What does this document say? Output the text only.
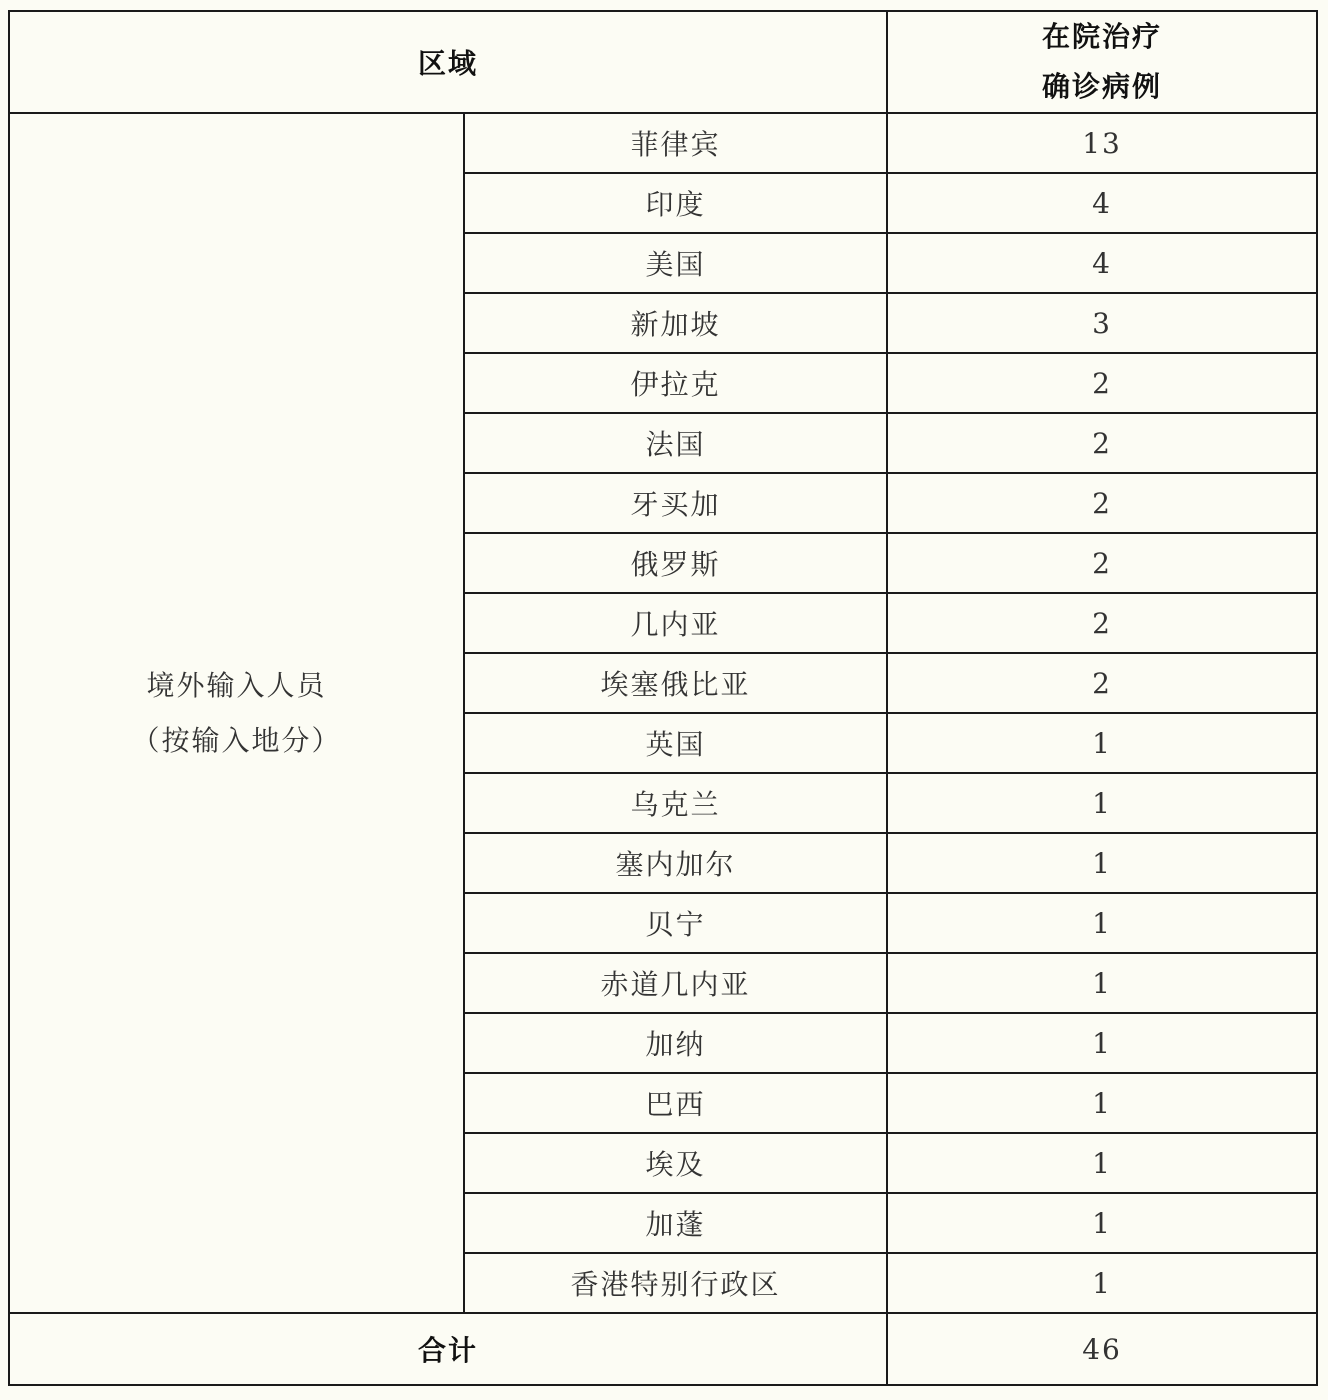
区域		在院治疗
确诊病例

境外输入人员
（按输入地分）	菲律宾	13
	印度	4
	美国	4
	新加坡	3
	伊拉克	2
	法国	2
	牙买加	2
	俄罗斯	2
	几内亚	2
	埃塞俄比亚	2
	英国	1
	乌克兰	1
	塞内加尔	1
	贝宁	1
	赤道几内亚	1
	加纳	1
	巴西	1
	埃及	1
	加蓬	1
	香港特别行政区	1
合计		46
